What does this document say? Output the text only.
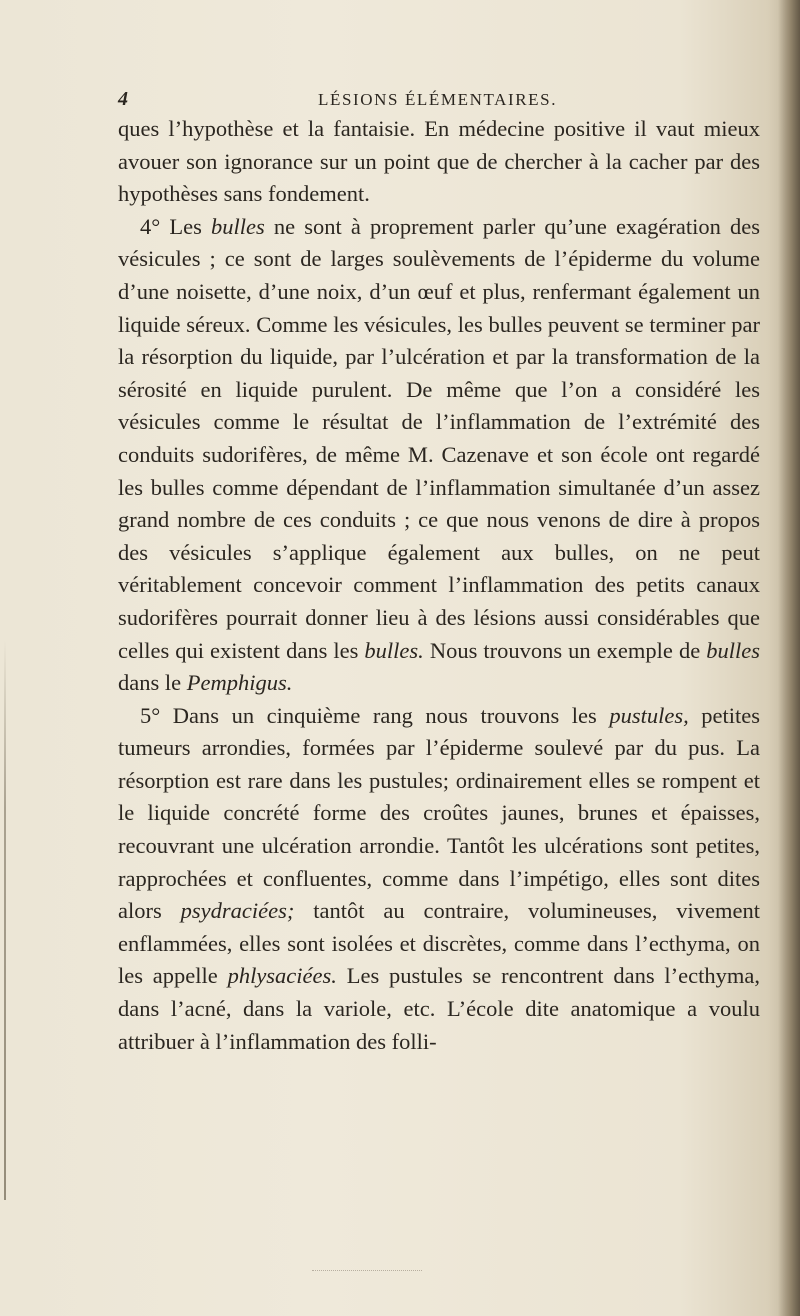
4	LÉSIONS ÉLÉMENTAIRES.

ques l’hypothèse et la fantaisie. En médecine positive il vaut mieux avouer son ignorance sur un point que de chercher à la cacher par des hypothèses sans fondement.

4° Les bulles ne sont à proprement parler qu’une exagération des vésicules ; ce sont de larges soulèvements de l’épiderme du volume d’une noisette, d’une noix, d’un œuf et plus, renfermant également un liquide séreux. Comme les vésicules, les bulles peuvent se terminer par la résorption du liquide, par l’ulcération et par la transformation de la sérosité en liquide purulent. De même que l’on a considéré les vésicules comme le résultat de l’inflammation de l’extrémité des conduits sudorifères, de même M. Cazenave et son école ont regardé les bulles comme dépendant de l’inflammation simultanée d’un assez grand nombre de ces conduits ; ce que nous venons de dire à propos des vésicules s’applique également aux bulles, on ne peut véritablement concevoir comment l’inflammation des petits canaux sudorifères pourrait donner lieu à des lésions aussi considérables que celles qui existent dans les bulles. Nous trouvons un exemple de bulles dans le Pemphigus.

5° Dans un cinquième rang nous trouvons les pustules, petites tumeurs arrondies, formées par l’épiderme soulevé par du pus. La résorption est rare dans les pustules; ordinairement elles se rompent et le liquide concrété forme des croûtes jaunes, brunes et épaisses, recouvrant une ulcération arrondie. Tantôt les ulcérations sont petites, rapprochées et confluentes, comme dans l’impétigo, elles sont dites alors psydraciées; tantôt au contraire, volumineuses, vivement enflammées, elles sont isolées et discrètes, comme dans l’ecthyma, on les appelle phlysaciées. Les pustules se rencontrent dans l’ecthyma, dans l’acné, dans la variole, etc. L’école dite anatomique a voulu attribuer à l’inflammation des folli-
